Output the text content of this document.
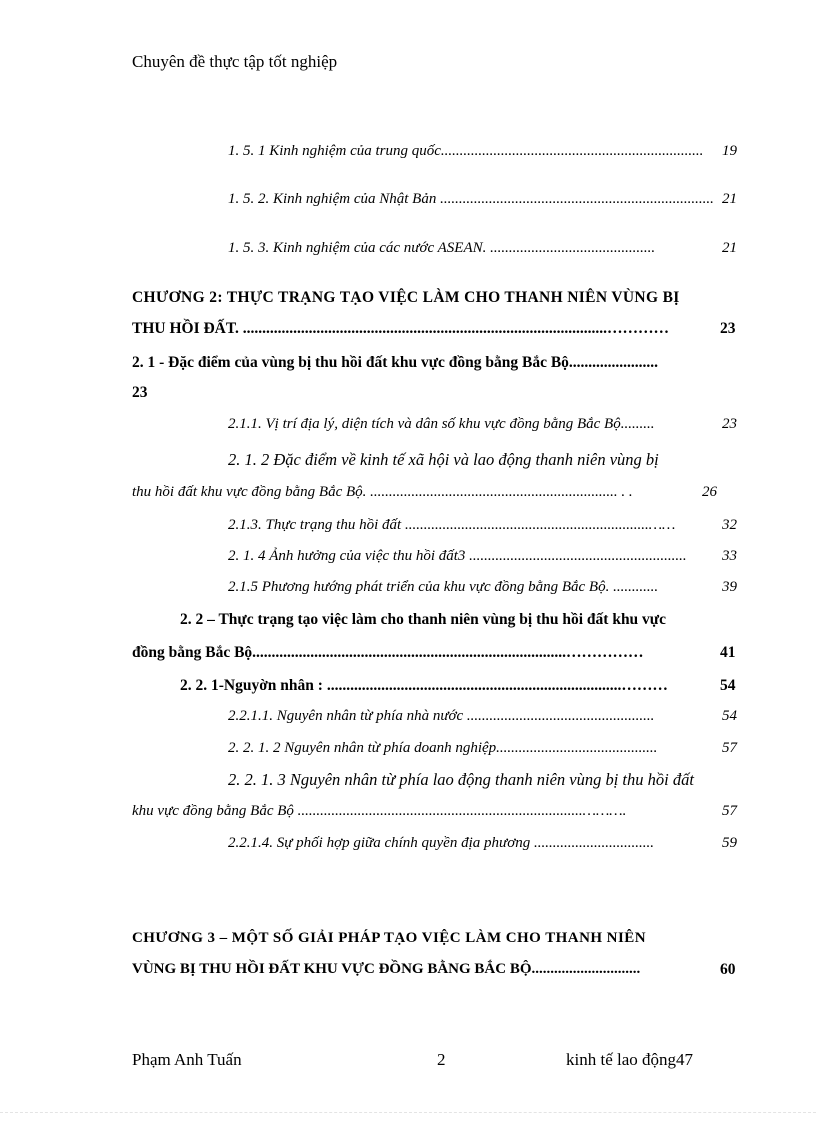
Chuyên đề thực tập tốt nghiệp

1. 5. 1 Kinh nghiệm của trung quốc...................................................................... 19

1. 5. 2. Kinh nghiệm của Nhật Bản ......................................................................... 21

1. 5. 3. Kinh nghiệm của các nước ASEAN. ............................................	21

CHƯƠNG 2: THỰC TRẠNG TẠO VIỆC LÀM CHO THANH NIÊN VÙNG BỊ

THU HỒI ĐẤT. ..............................................................................................…………	23

2. 1 - Đặc điểm của vùng bị thu hồi đất khu vực đồng bằng Bắc Bộ.......................

23

2.1.1. Vị trí địa lý, diện tích và dân số khu vực đồng bằng Bắc Bộ.........	23

2. 1. 2 Đặc điểm về kinh tế xã hội và lao động thanh niên vùng bị

thu hồi đất khu vực đồng bằng Bắc Bộ. .................................................................. . .	26

2.1.3. Thực trạng thu hồi đất .................................................................……	32

2. 1. 4 Ảnh hưởng của việc thu hồi đất3 .......................................................... 33

2.1.5 Phương hướng phát triển của khu vực đồng bằng Bắc Bộ. ............	39

2. 2 – Thực trạng tạo việc làm cho thanh niên vùng bị thu hồi đất khu vực

đồng bằng Bắc Bộ.................................................................................……………	41

2. 2. 1-Nguyờn nhân : ............................................................................………	54

2.2.1.1. Nguyên nhân từ phía nhà nước ..................................................	54

2. 2. 1. 2 Nguyên nhân từ phía doanh nghiệp...........................................	57

2. 2. 1. 3 Nguyên nhân từ phía lao động thanh niên vùng bị thu hồi đất

khu vực đồng bằng Bắc Bộ ............................................................................……….	57

2.2.1.4. Sự phối hợp giữa chính quyền địa phương ................................	59

CHƯƠNG 3 – MỘT SỐ GIẢI PHÁP TẠO VIỆC LÀM CHO THANH NIÊN

VÙNG BỊ THU HỒI ĐẤT KHU VỰC ĐỒNG BẰNG BẮC BỘ.............................	60
Phạm Anh Tuấn	2	kinh tế lao động47
